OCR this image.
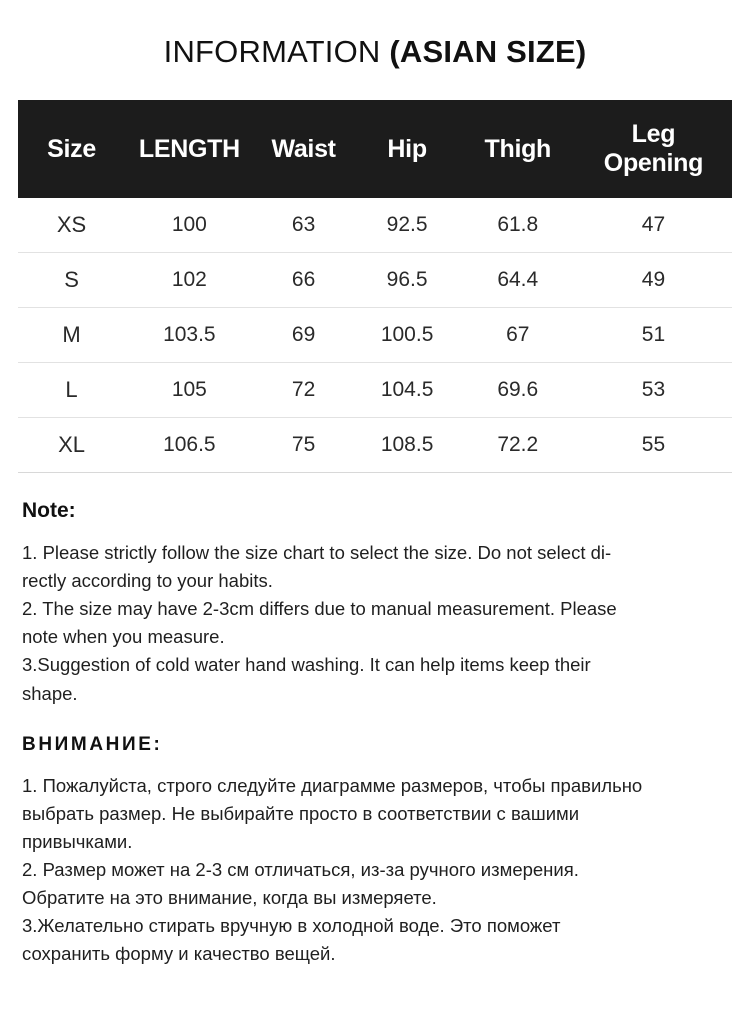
INFORMATION (ASIAN SIZE)
Size	LENGTH	Waist	Hip	Thigh	Leg Opening
XS	100	63	92.5	61.8	47
S	102	66	96.5	64.4	49
M	103.5	69	100.5	67	51
L	105	72	104.5	69.6	53
XL	106.5	75	108.5	72.2	55
Note:
1. Please strictly follow the size chart to select the size. Do not select di-
rectly according to your habits.
2. The size may have 2-3cm differs due to manual measurement. Please
note when you measure.
3.Suggestion of cold water hand washing. It can help items keep their
shape.
ВНИМАНИЕ:
1. Пожалуйста, строго следуйте диаграмме размеров, чтобы правильно
выбрать размер. Не выбирайте просто в соответствии с вашими
привычками.
2. Размер может на 2-3 см отличаться, из-за ручного измерения.
Обратите на это внимание, когда вы измеряете.
3.Желательно стирать вручную в холодной воде. Это поможет
сохранить форму и качество вещей.
